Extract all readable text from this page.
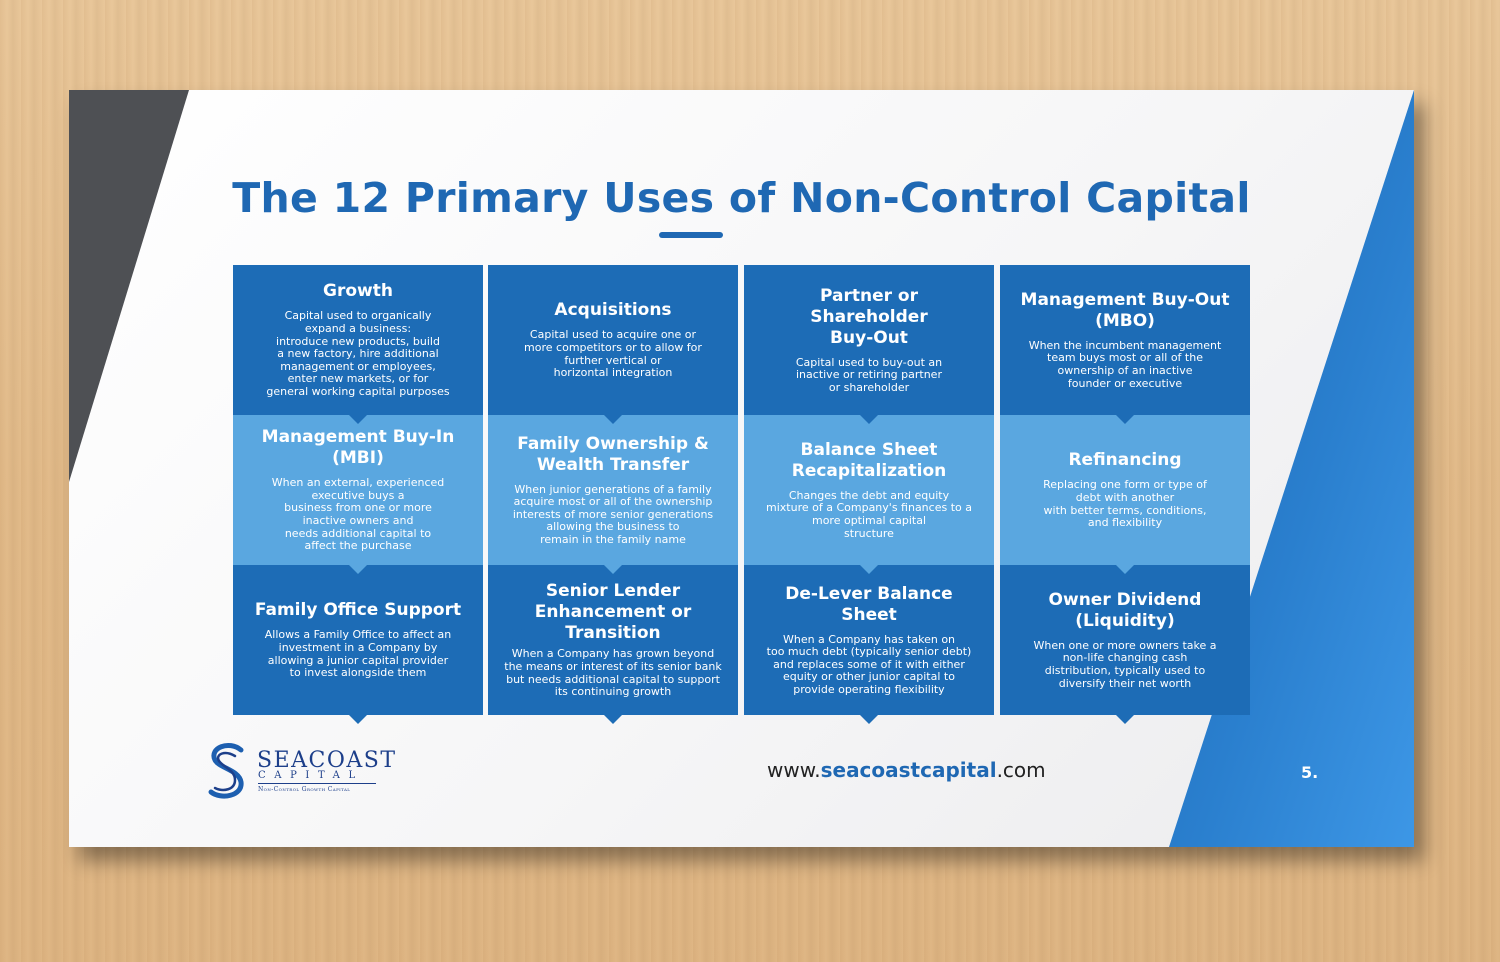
The 12 Primary Uses of Non-Control Capital

Growth

Capital used to organically
expand a business:
introduce new products, build
a new factory, hire additional
management or employees,
enter new markets, or for
general working capital purposes

Acquisitions

Capital used to acquire one or
more competitors or to allow for
further vertical or
horizontal integration

Partner or Shareholder
Buy-Out

Capital used to buy-out an
inactive or retiring partner
or shareholder

Management Buy-Out
(MBO)

When the incumbent management
team buys most or all of the
ownership of an inactive
founder or executive

Management Buy-In
(MBI)

When an external, experienced
executive buys a
business from one or more
inactive owners and
needs additional capital to
affect the purchase

Family Ownership &
Wealth Transfer

When junior generations of a family
acquire most or all of the ownership
interests of more senior generations
allowing the business to
remain in the family name

Balance Sheet
Recapitalization

Changes the debt and equity
mixture of a Company's finances to a
more optimal capital
structure

Refinancing

Replacing one form or type of
debt with another
with better terms, conditions,
and flexibility

Family Office Support

Allows a Family Office to affect an
investment in a Company by
allowing a junior capital provider
to invest alongside them

Senior Lender
Enhancement or
Transition

When a Company has grown beyond
the means or interest of its senior bank
but needs additional capital to support
its continuing growth

De-Lever Balance Sheet

When a Company has taken on
too much debt (typically senior debt)
and replaces some of it with either
equity or other junior capital to
provide operating flexibility

Owner Dividend
(Liquidity)

When one or more owners take a
non-life changing cash
distribution, typically used to
diversify their net worth

SEACOAST
CAPITAL
Non-Control Growth Capital
www.seacoastcapital.com	5.
